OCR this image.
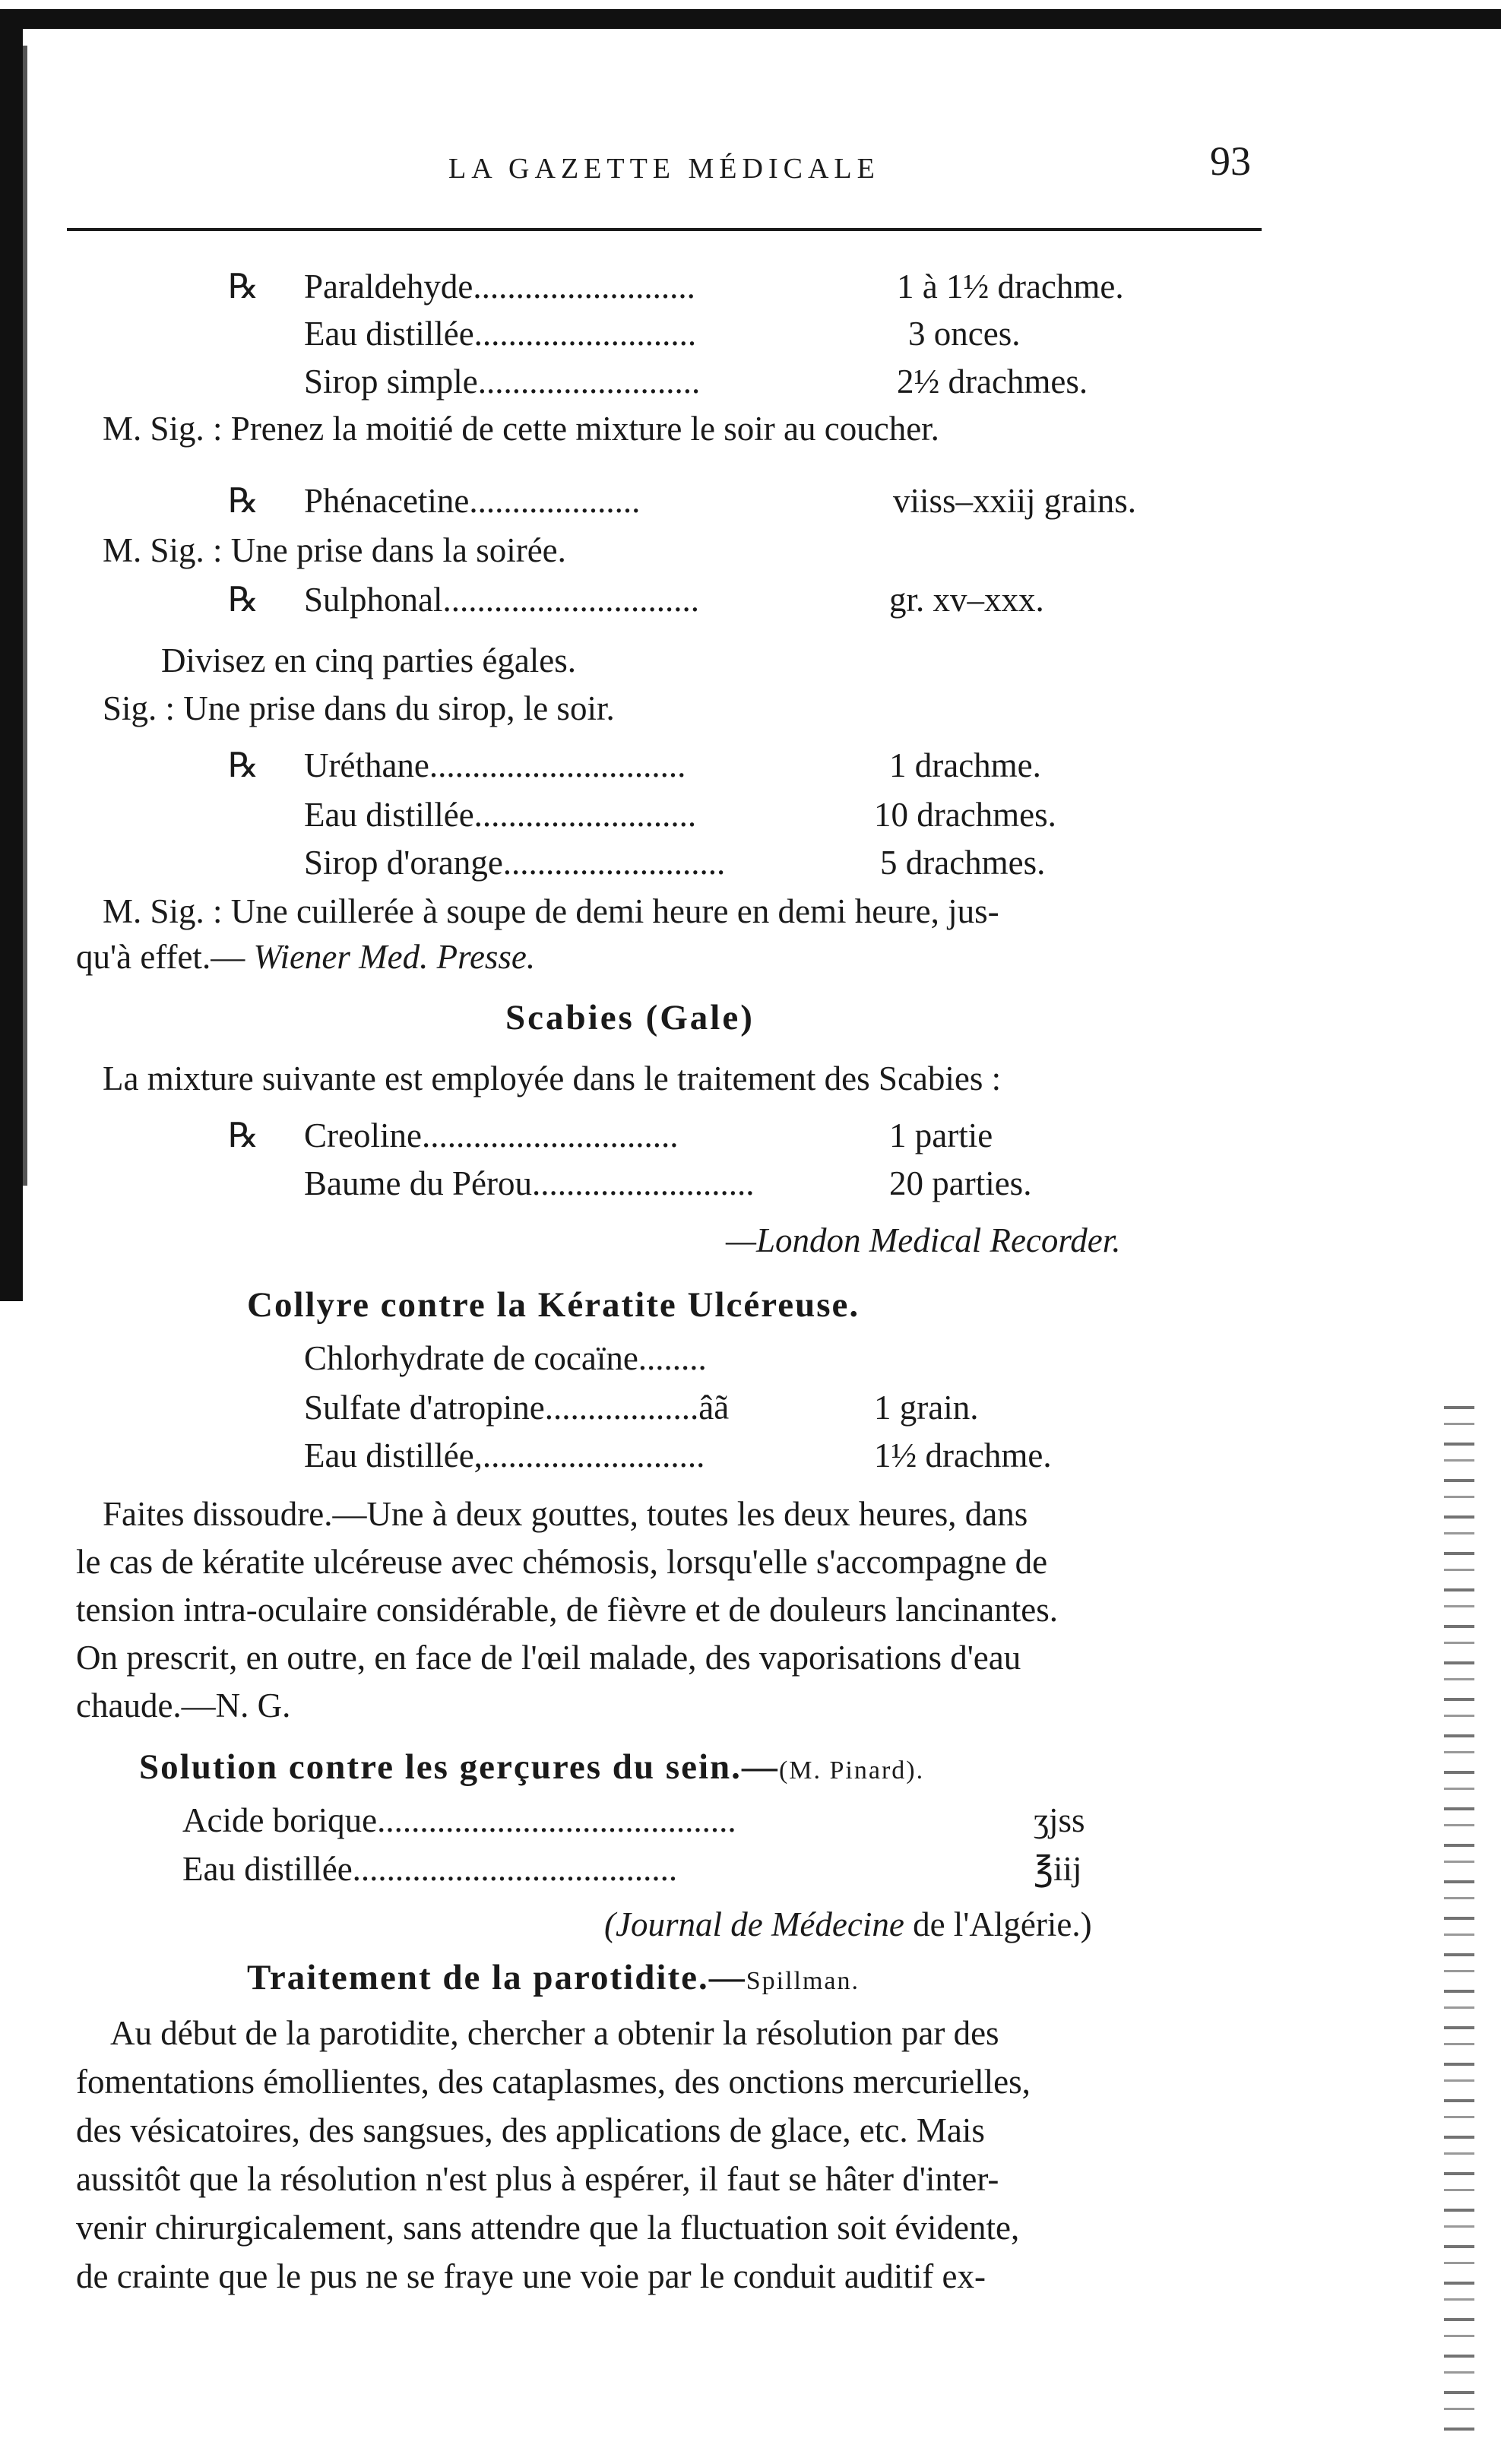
LA GAZETTE MÉDICALE	93
℞ Paraldehyde..........................	1 à 1½ drachme.
Eau distillée..........................	3 onces.
Sirop simple..........................	2½ drachmes.
M. Sig. : Prenez la moitié de cette mixture le soir au coucher.
℞ Phénacetine....................	viiss–xxiij grains.
M. Sig. : Une prise dans la soirée.
℞ Sulphonal..............................	gr. xv–xxx.
Divisez en cinq parties égales.
Sig. : Une prise dans du sirop, le soir.
℞ Uréthane..............................	1 drachme.
Eau distillée..........................	10 drachmes.
Sirop d'orange..........................	5 drachmes.
M. Sig. : Une cuillerée à soupe de demi heure en demi heure, jus-
qu'à effet.— Wiener Med. Presse.
Scabies (Gale)
La mixture suivante est employée dans le traitement des Scabies :
℞ Creoline..............................	1 partie
Baume du Pérou..........................	20 parties.
—London Medical Recorder.
Collyre contre la Kératite Ulcéreuse.
Chlorhydrate de cocaïne........
Sulfate d'atropine..................âã	1 grain.
Eau distillée,..........................	1½ drachme.
Faites dissoudre.—Une à deux gouttes, toutes les deux heures, dans
le cas de kératite ulcéreuse avec chémosis, lorsqu'elle s'accompagne de
tension intra-oculaire considérable, de fièvre et de douleurs lancinantes.
On prescrit, en outre, en face de l'œil malade, des vaporisations d'eau
chaude.—N. G.
Solution contre les gerçures du sein.—(M. Pinard).
Acide borique..........................................	ʒjss
Eau distillée......................................	℥iij
(Journal de Médecine de l'Algérie.)
Traitement de la parotidite.—Spillman.
Au début de la parotidite, chercher a obtenir la résolution par des
fomentations émollientes, des cataplasmes, des onctions mercurielles,
des vésicatoires, des sangsues, des applications de glace, etc. Mais
aussitôt que la résolution n'est plus à espérer, il faut se hâter d'inter-
venir chirurgicalement, sans attendre que la fluctuation soit évidente,
de crainte que le pus ne se fraye une voie par le conduit auditif ex-
